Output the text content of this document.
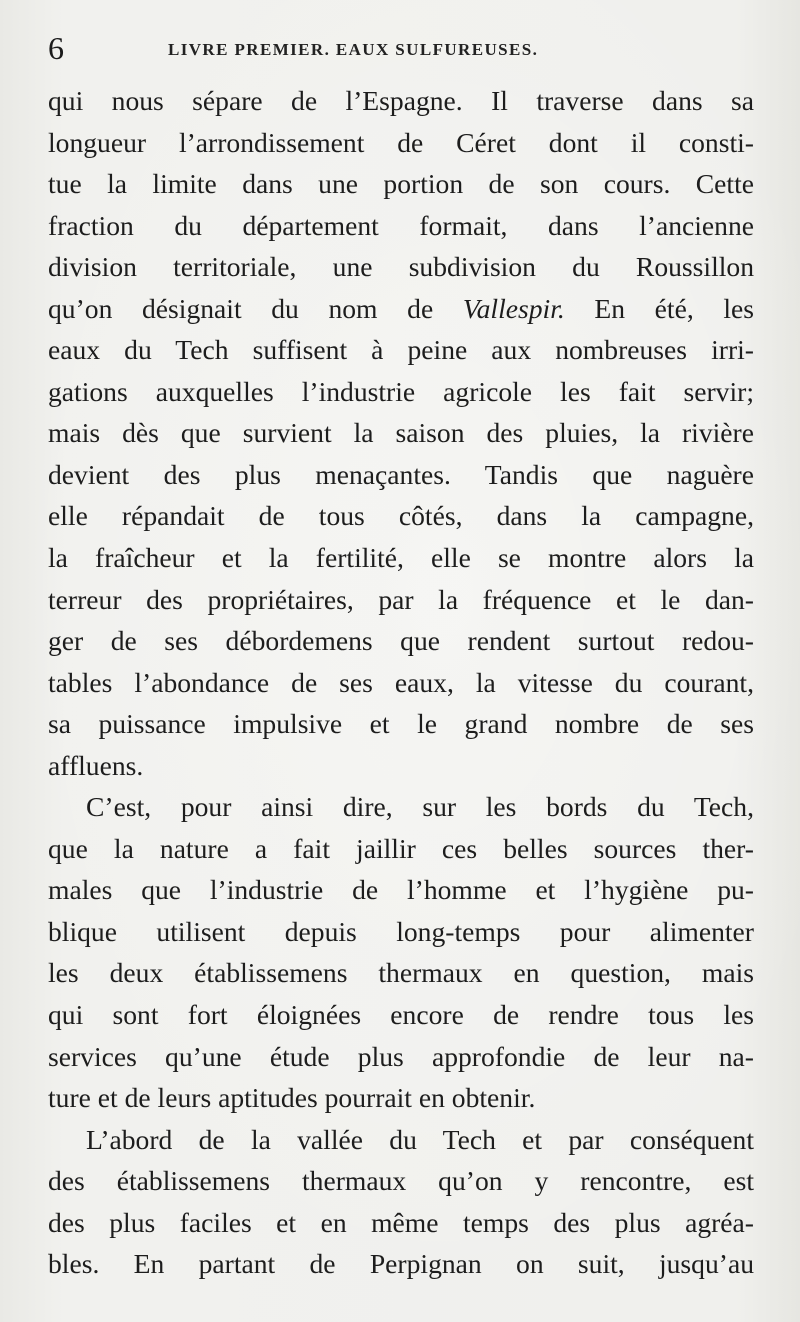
6	LIVRE PREMIER. EAUX SULFUREUSES.
qui nous sépare de l’Espagne. Il traverse dans sa
longueur l’arrondissement de Céret dont il consti-
tue la limite dans une portion de son cours. Cette
fraction du département formait, dans l’ancienne
division territoriale, une subdivision du Roussillon
qu’on désignait du nom de Vallespir. En été, les
eaux du Tech suffisent à peine aux nombreuses irri-
gations auxquelles l’industrie agricole les fait servir;
mais dès que survient la saison des pluies, la rivière
devient des plus menaçantes. Tandis que naguère
elle répandait de tous côtés, dans la campagne,
la fraîcheur et la fertilité, elle se montre alors la
terreur des propriétaires, par la fréquence et le dan-
ger de ses débordemens que rendent surtout redou-
tables l’abondance de ses eaux, la vitesse du courant,
sa puissance impulsive et le grand nombre de ses
affluens.
C’est, pour ainsi dire, sur les bords du Tech,
que la nature a fait jaillir ces belles sources ther-
males que l’industrie de l’homme et l’hygiène pu-
blique utilisent depuis long-temps pour alimenter
les deux établissemens thermaux en question, mais
qui sont fort éloignées encore de rendre tous les
services qu’une étude plus approfondie de leur na-
ture et de leurs aptitudes pourrait en obtenir.
L’abord de la vallée du Tech et par conséquent
des établissemens thermaux qu’on y rencontre, est
des plus faciles et en même temps des plus agréa-
bles. En partant de Perpignan on suit, jusqu’au
